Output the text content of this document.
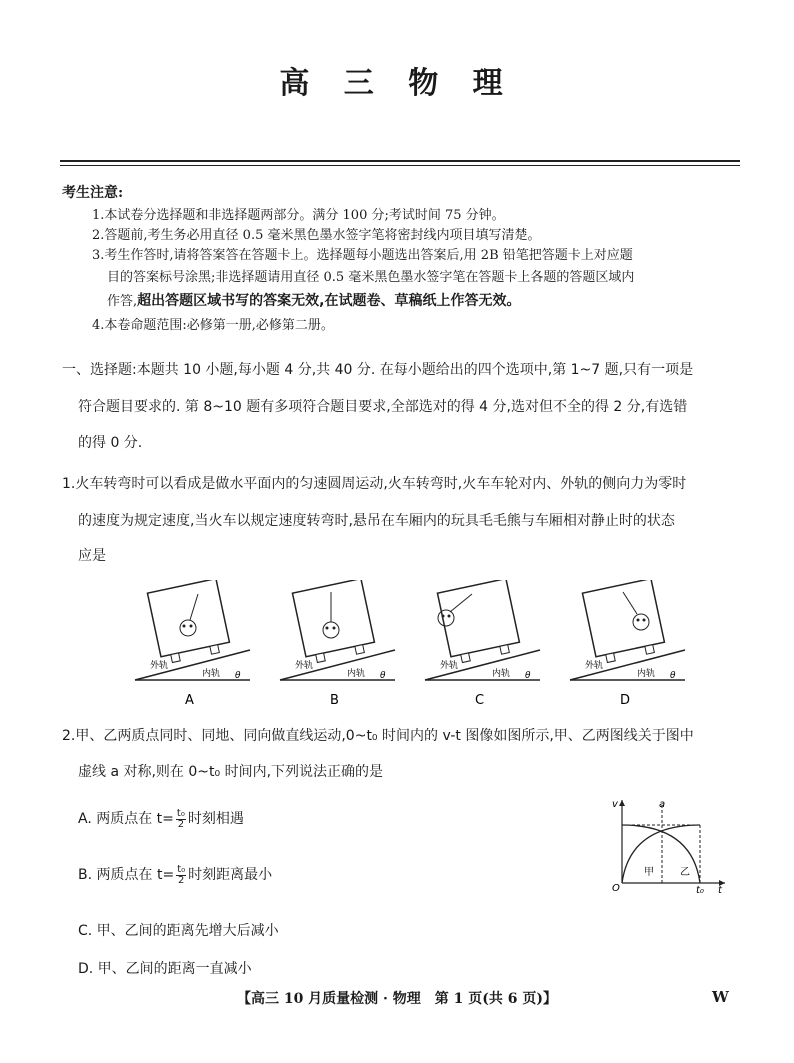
高 三 物 理
考生注意:
1.本试卷分选择题和非选择题两部分。满分 100 分;考试时间 75 分钟。
2.答题前,考生务必用直径 0.5 毫米黑色墨水签字笔将密封线内项目填写清楚。
3.考生作答时,请将答案答在答题卡上。选择题每小题选出答案后,用 2B 铅笔把答题卡上对应题
目的答案标号涂黑;非选择题请用直径 0.5 毫米黑色墨水签字笔在答题卡上各题的答题区域内
作答,超出答题区域书写的答案无效,在试题卷、草稿纸上作答无效。
4.本卷命题范围:必修第一册,必修第二册。
一、选择题:本题共 10 小题,每小题 4 分,共 40 分. 在每小题给出的四个选项中,第 1~7 题,只有一项是
符合题目要求的. 第 8~10 题有多项符合题目要求,全部选对的得 4 分,选对但不全的得 2 分,有选错
的得 0 分.
1.火车转弯时可以看成是做水平面内的匀速圆周运动,火车转弯时,火车车轮对内、外轨的侧向力为零时
的速度为规定速度,当火车以规定速度转弯时,悬吊在车厢内的玩具毛毛熊与车厢相对静止时的状态
应是
外轨
内轨 θ
A
外轨
内轨 θ
B
外轨
内轨 θ
C
外轨
内轨 θ
D
2.甲、乙两质点同时、同地、同向做直线运动,0~t₀ 时间内的 v-t 图像如图所示,甲、乙两图线关于图中
虚线 a 对称,则在 0~t₀ 时间内,下列说法正确的是
A. 两质点在 $t= \frac{\text{t₀}}{2}$ 时刻相遇
B. 两质点在 $t= \frac{\text{t₀}}{2}$ 时刻距离最小
C. 甲、乙间的距离先增大后减小
D. 甲、乙间的距离一直减小
v	a
O
甲	乙
t₀ t
【高三 10 月质量检测 · 物理　第 1 页(共 6 页)】	W
